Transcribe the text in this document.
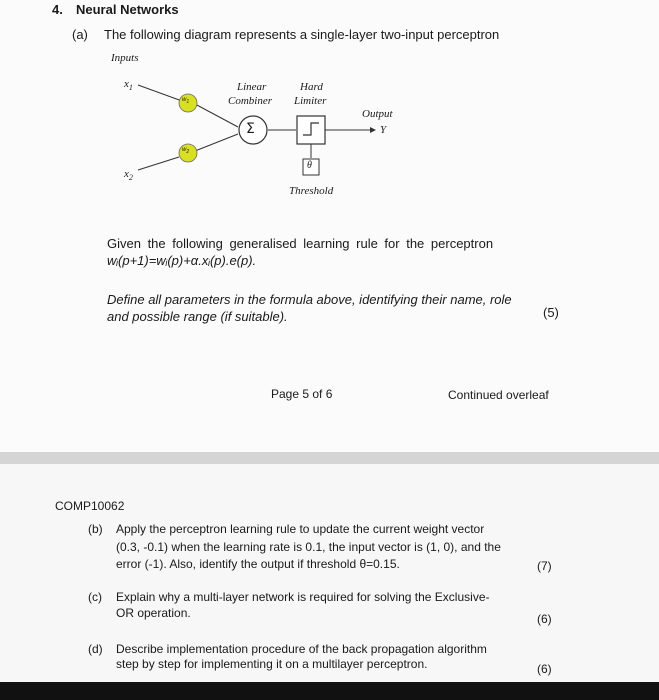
4. Neural Networks
(a) The following diagram represents a single-layer two-input perceptron
Inputs
$x_1$
$x_2$
$w_1$
$w_2$
Linear
Combiner
Hard
Limiter
Σ
Output
Y
θ
Threshold
Given the following generalised learning rule for the perceptron
wᵢ(p+1)=wᵢ(p)+α.xᵢ(p).e(p).
Define all parameters in the formula above, identifying their name, role
and possible range (if suitable).	(5)
Page 5 of 6	Continued overleaf
COMP10062
(b) Apply the perceptron learning rule to update the current weight vector
(0.3, -0.1) when the learning rate is 0.1, the input vector is (1, 0), and the
error (-1). Also, identify the output if threshold θ=0.15.	(7)
(c) Explain why a multi-layer network is required for solving the Exclusive-
OR operation.	(6)
(d) Describe implementation procedure of the back propagation algorithm
step by step for implementing it on a multilayer perceptron.	(6)
